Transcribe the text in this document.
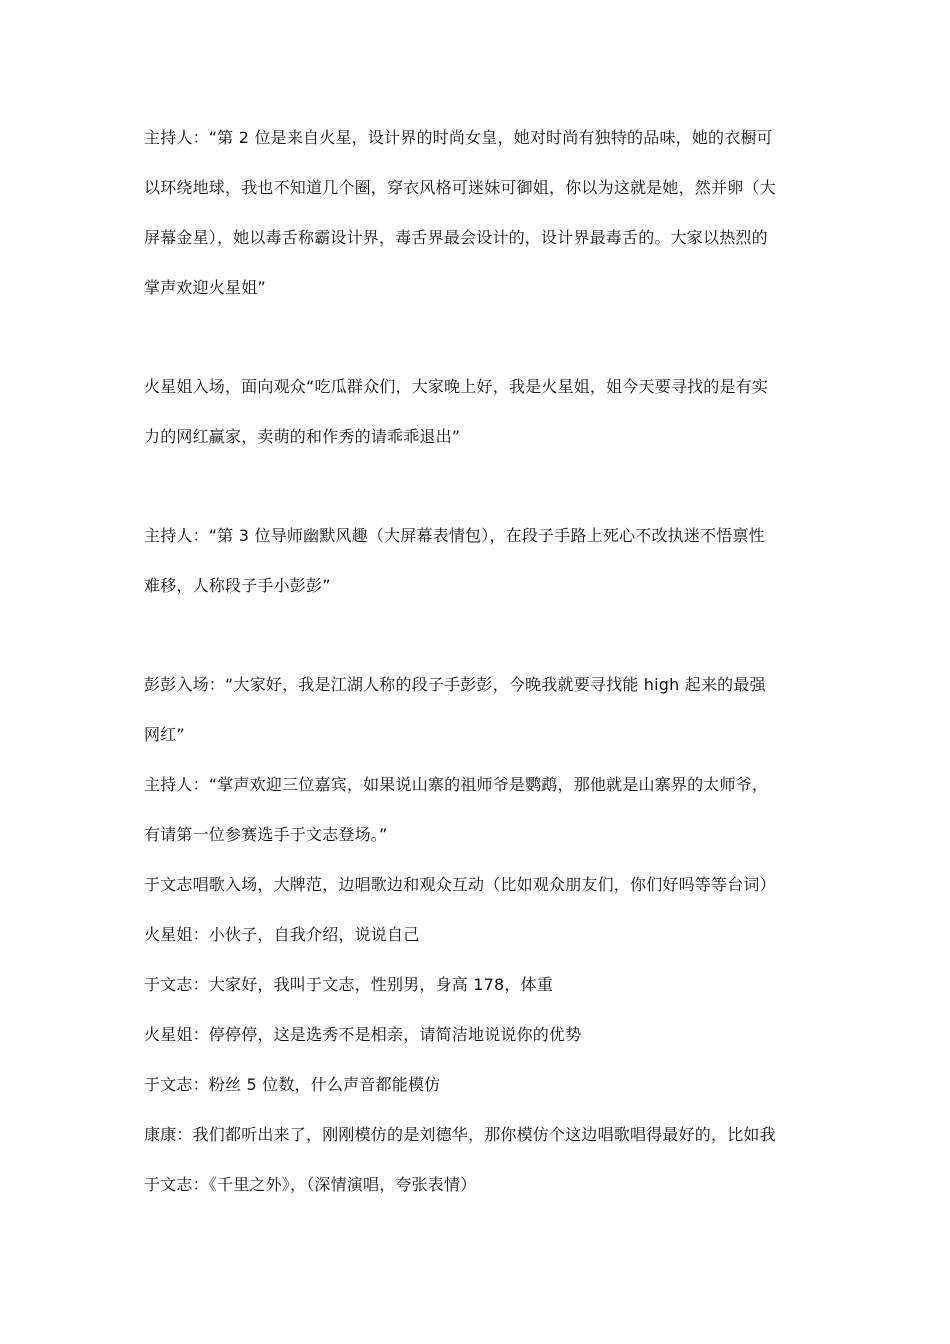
主持人：“第 2 位是来自火星，设计界的时尚女皇，她对时尚有独特的品味，她的衣橱可
以环绕地球，我也不知道几个圈，穿衣风格可迷妹可御姐，你以为这就是她，然并卵（大
屏幕金星），她以毒舌称霸设计界，毒舌界最会设计的，设计界最毒舌的。大家以热烈的
掌声欢迎火星姐”
火星姐入场，面向观众“吃瓜群众们，大家晚上好，我是火星姐，姐今天要寻找的是有实
力的网红赢家，卖萌的和作秀的请乖乖退出”
主持人：“第 3 位导师幽默风趣（大屏幕表情包），在段子手路上死心不改执迷不悟禀性
难移，人称段子手小彭彭”
彭彭入场：“大家好，我是江湖人称的段子手彭彭，今晚我就要寻找能 high 起来的最强
网红”
主持人：“掌声欢迎三位嘉宾，如果说山寨的祖师爷是鹦鹉，那他就是山寨界的太师爷，
有请第一位参赛选手于文志登场。”
于文志唱歌入场，大牌范，边唱歌边和观众互动（比如观众朋友们，你们好吗等等台词）
火星姐：小伙子，自我介绍，说说自己
于文志：大家好，我叫于文志，性别男，身高 178，体重
火星姐：停停停，这是选秀不是相亲，请简洁地说说你的优势
于文志：粉丝 5 位数，什么声音都能模仿
康康：我们都听出来了，刚刚模仿的是刘德华，那你模仿个这边唱歌唱得最好的，比如我
于文志：《千里之外》，（深情演唱，夸张表情）
